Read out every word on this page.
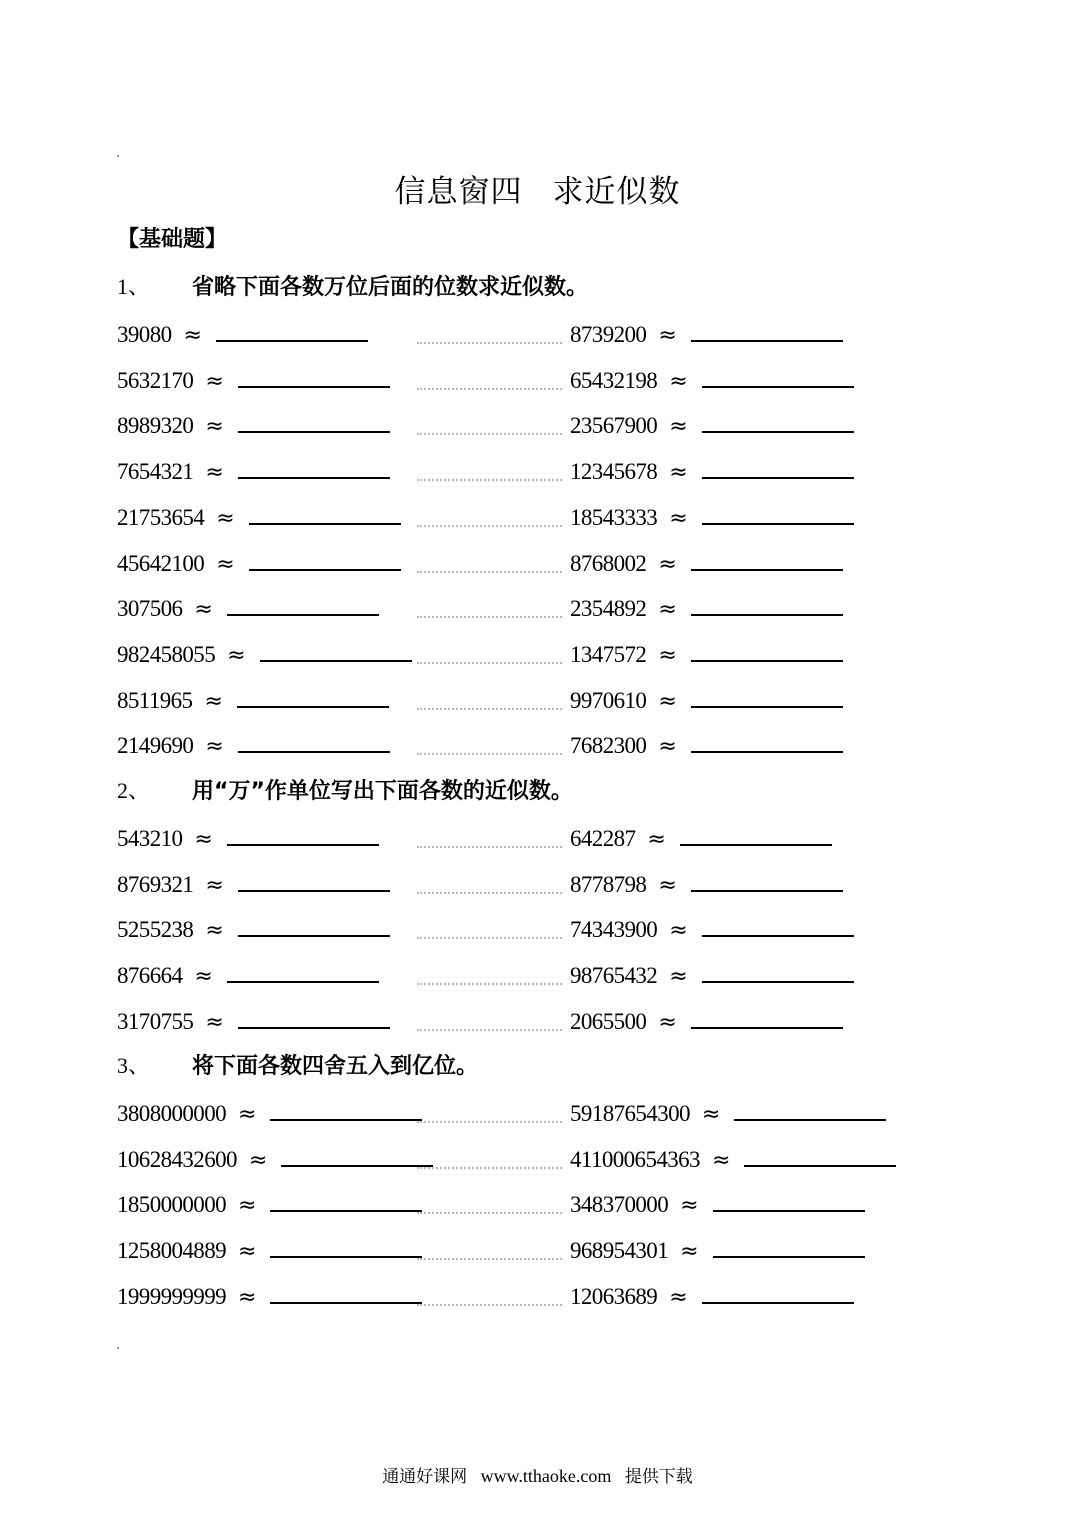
信息窗四 求近似数
【基础题】
1、 省略下面各数万位后面的位数求近似数。
39080 ≈	8739200 ≈
5632170 ≈	65432198 ≈
8989320 ≈	23567900 ≈
7654321 ≈	12345678 ≈
21753654 ≈	18543333 ≈
45642100 ≈	8768002 ≈
307506 ≈	2354892 ≈
982458055 ≈	1347572 ≈
8511965 ≈	9970610 ≈
2149690 ≈	7682300 ≈
2、 用“万”作单位写出下面各数的近似数。
543210 ≈	642287 ≈
8769321 ≈	8778798 ≈
5255238 ≈	74343900 ≈
876664 ≈	98765432 ≈
3170755 ≈	2065500 ≈
3、 将下面各数四舍五入到亿位。
3808000000 ≈	59187654300 ≈
10628432600 ≈	411000654363 ≈
1850000000 ≈	348370000 ≈
1258004889 ≈	968954301 ≈
1999999999 ≈	12063689 ≈
通通好课网 www.tthaoke.com 提供下载
